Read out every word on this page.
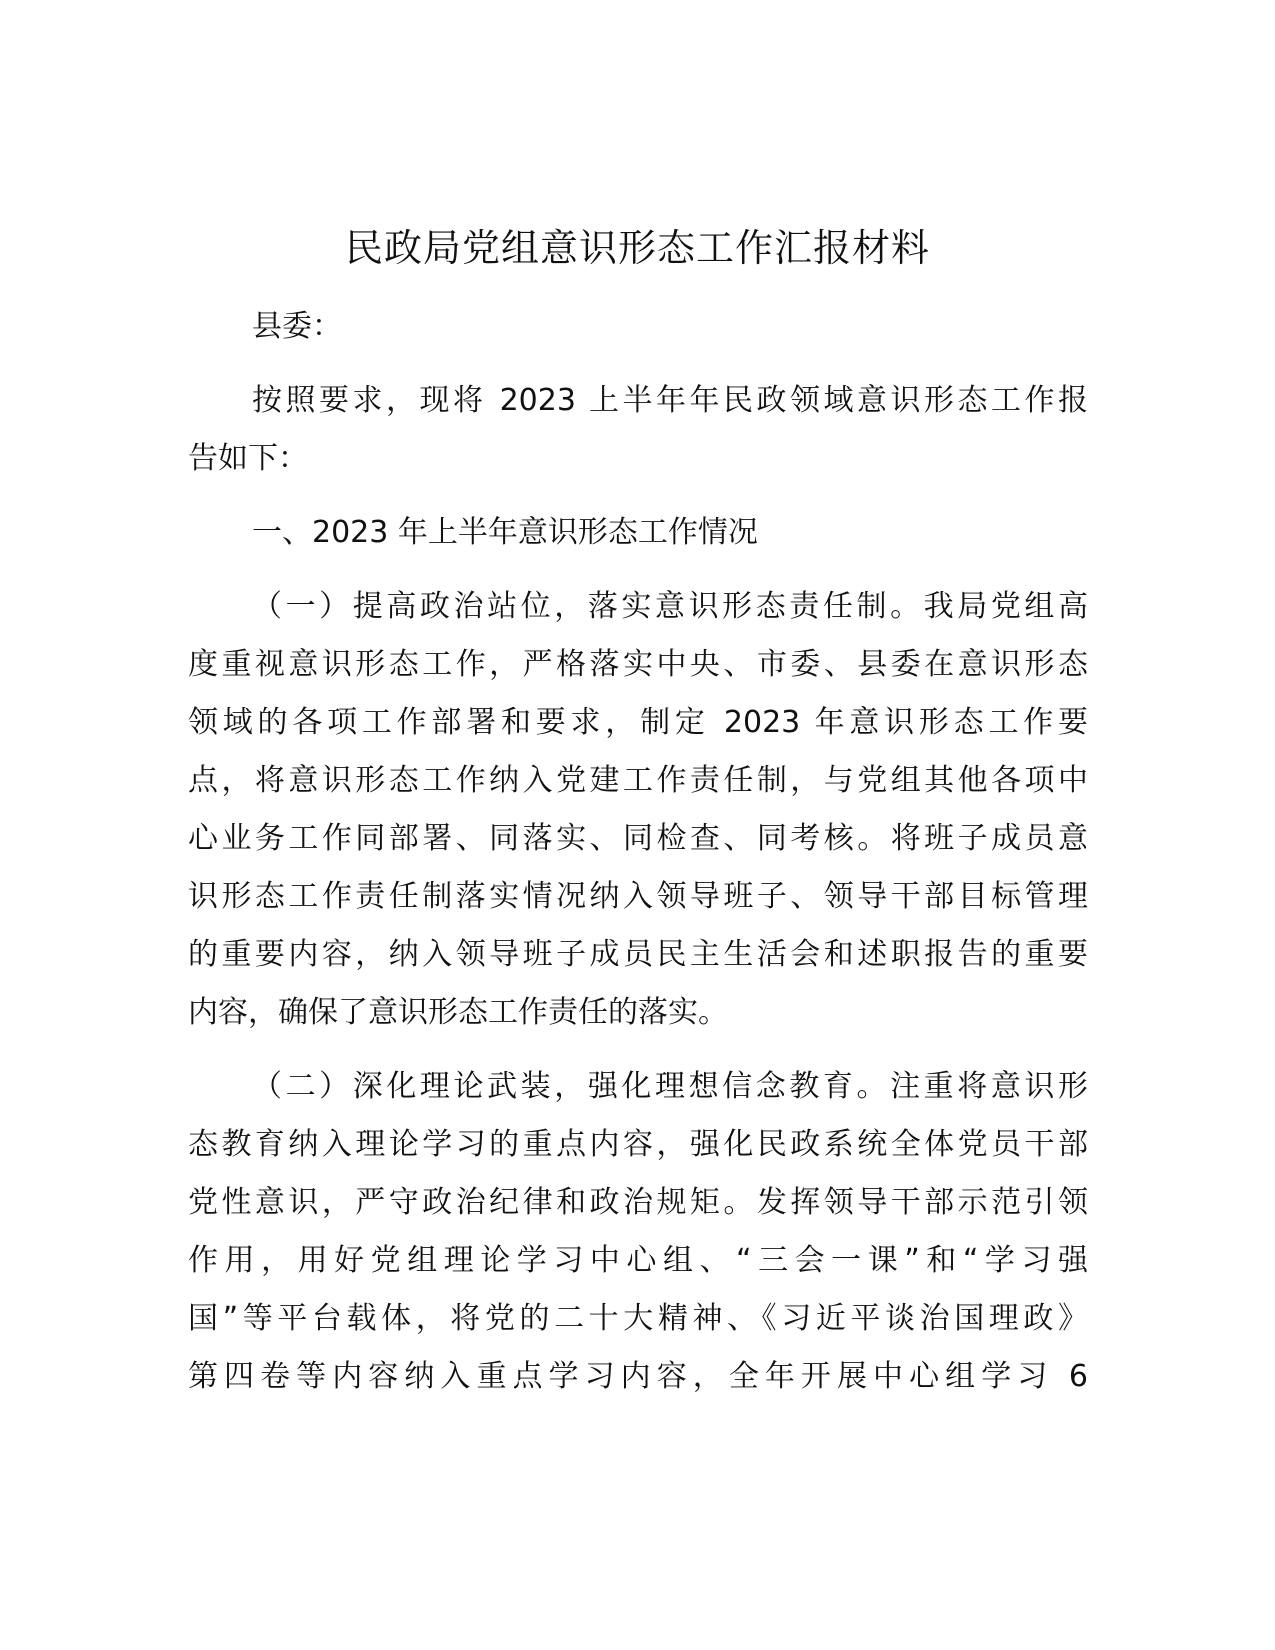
民政局党组意识形态工作汇报材料

县委：

按照要求，现将 2023 上半年年民政领域意识形态工作报
告如下：

一、2023 年上半年意识形态工作情况

（一）提高政治站位，落实意识形态责任制。我局党组高
度重视意识形态工作，严格落实中央、市委、县委在意识形态
领域的各项工作部署和要求，制定 2023 年意识形态工作要
点，将意识形态工作纳入党建工作责任制，与党组其他各项中
心业务工作同部署、同落实、同检查、同考核。将班子成员意
识形态工作责任制落实情况纳入领导班子、领导干部目标管理
的重要内容，纳入领导班子成员民主生活会和述职报告的重要
内容，确保了意识形态工作责任的落实。

（二）深化理论武装，强化理想信念教育。注重将意识形
态教育纳入理论学习的重点内容，强化民政系统全体党员干部
党性意识，严守政治纪律和政治规矩。发挥领导干部示范引领
作用，用好党组理论学习中心组、“三会一课”和“学习强
国”等平台载体，将党的二十大精神、《习近平谈治国理政》
第四卷等内容纳入重点学习内容，全年开展中心组学习 6
